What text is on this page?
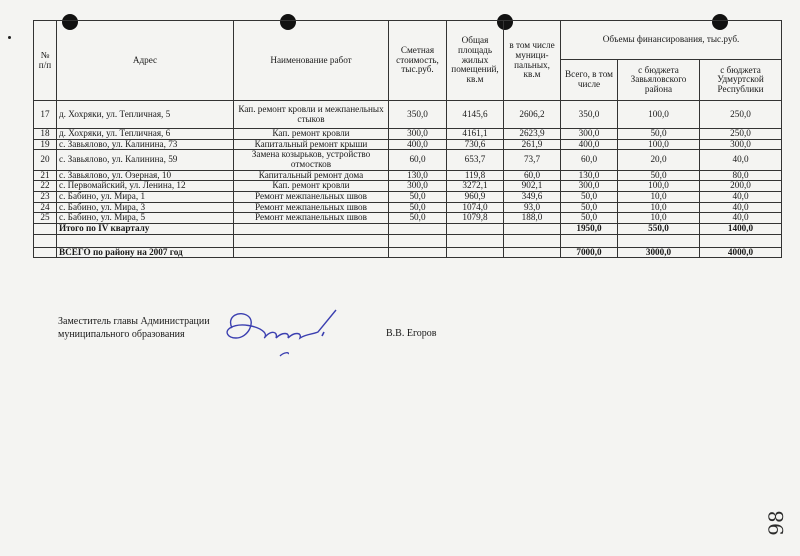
№ п/п	Адрес	Наименование работ	Сметная стоимость, тыс.руб.	Общая площадь жилых помещений, кв.м	в том числе муници-пальных, кв.м	Объемы финансирования, тыс.руб.		
						Всего, в том числе	с бюджета Завьяловского района	с бюджета Удмуртской Республики
17	д. Хохряки, ул. Тепличная, 5	Кап. ремонт кровли и межпанельных стыков	350,0	4145,6	2606,2	350,0	100,0	250,0
18	д. Хохряки, ул. Тепличная, 6	Кап. ремонт кровли	300,0	4161,1	2623,9	300,0	50,0	250,0
19	с. Завьялово, ул. Калинина, 73	Капитальный ремонт крыши	400,0	730,6	261,9	400,0	100,0	300,0
20	с. Завьялово, ул. Калинина, 59	Замена козырьков, устройство отмостков	60,0	653,7	73,7	60,0	20,0	40,0
21	с. Завьялово, ул. Озерная, 10	Капитальный ремонт дома	130,0	119,8	60,0	130,0	50,0	80,0
22	с. Первомайский, ул. Ленина, 12	Кап. ремонт кровли	300,0	3272,1	902,1	300,0	100,0	200,0
23	с. Бабино, ул. Мира, 1	Ремонт межпанельных швов	50,0	960,9	349,6	50,0	10,0	40,0
24	с. Бабино, ул. Мира, 3	Ремонт межпанельных швов	50,0	1074,0	93,0	50,0	10,0	40,0
25	с. Бабино, ул. Мира, 5	Ремонт межпанельных швов	50,0	1079,8	188,0	50,0	10,0	40,0
	Итого по IV кварталу					1950,0	550,0	1400,0

	ВСЕГО по району на 2007 год					7000,0	3000,0	4000,0
Заместитель главы Администрации
муниципального образования	В.В. Егоров
98
